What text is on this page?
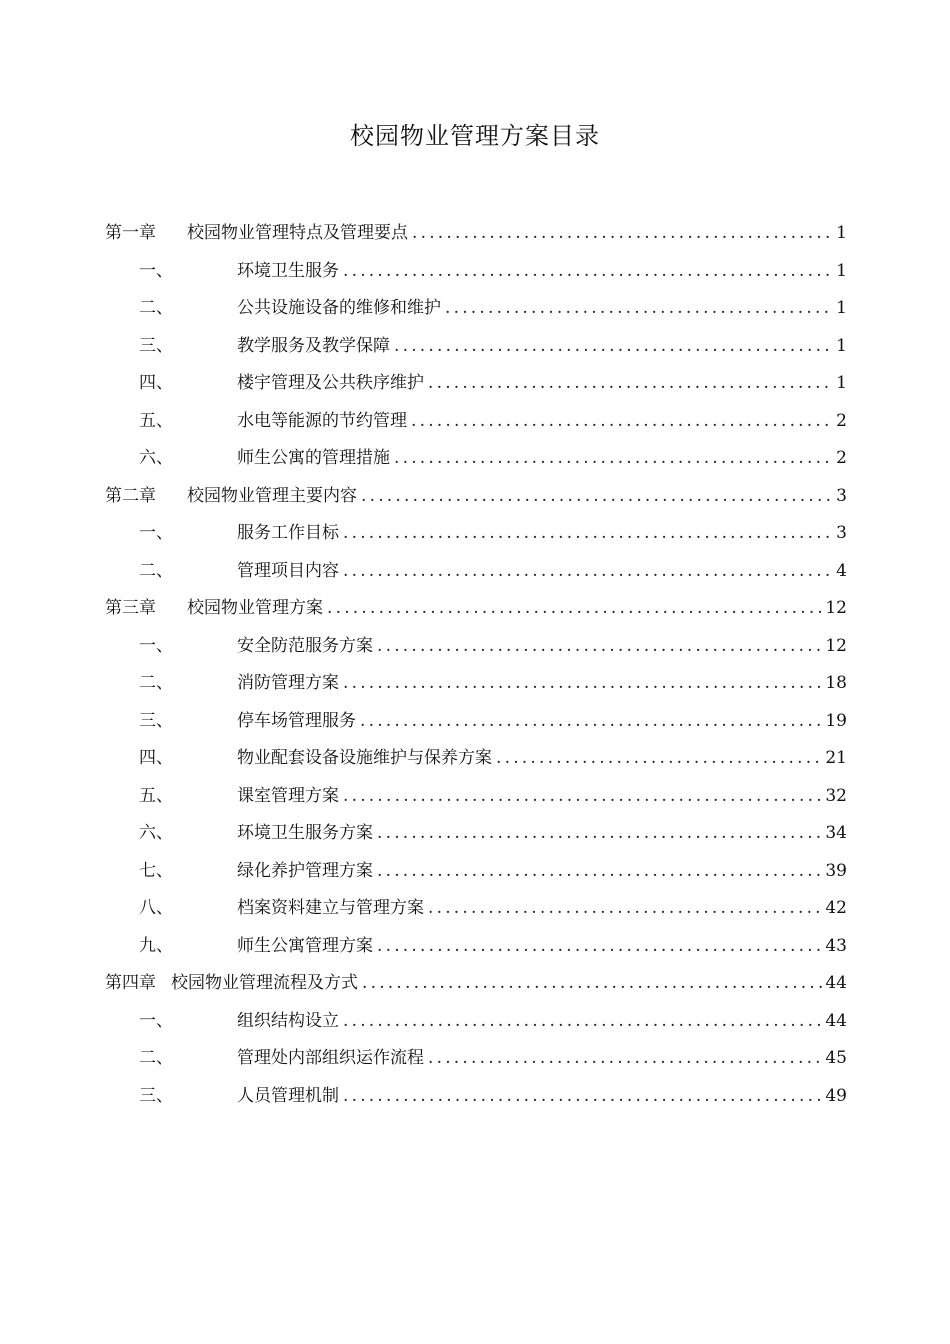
校园物业管理方案目录
第一章	校园物业管理特点及管理要点 .....	1
一、	环境卫生服务 .....	1
二、	公共设施设备的维修和维护 .....	1
三、	教学服务及教学保障 .....	1
四、	楼宇管理及公共秩序维护 .....	1
五、	水电等能源的节约管理 .....	2
六、	师生公寓的管理措施 .....	2
第二章	校园物业管理主要内容 .....	3
一、	服务工作目标 .....	3
二、	管理项目内容 .....	4
第三章	校园物业管理方案 .....	12
一、	安全防范服务方案 .....	12
二、	消防管理方案 .....	18
三、	停车场管理服务 .....	19
四、	物业配套设备设施维护与保养方案 .....	21
五、	课室管理方案 .....	32
六、	环境卫生服务方案 .....	34
七、	绿化养护管理方案 .....	39
八、	档案资料建立与管理方案 .....	42
九、	师生公寓管理方案 .....	43
第四章 校园物业管理流程及方式 .....	44
一、	组织结构设立 .....	44
二、	管理处内部组织运作流程 .....	45
三、	人员管理机制 .....	49
